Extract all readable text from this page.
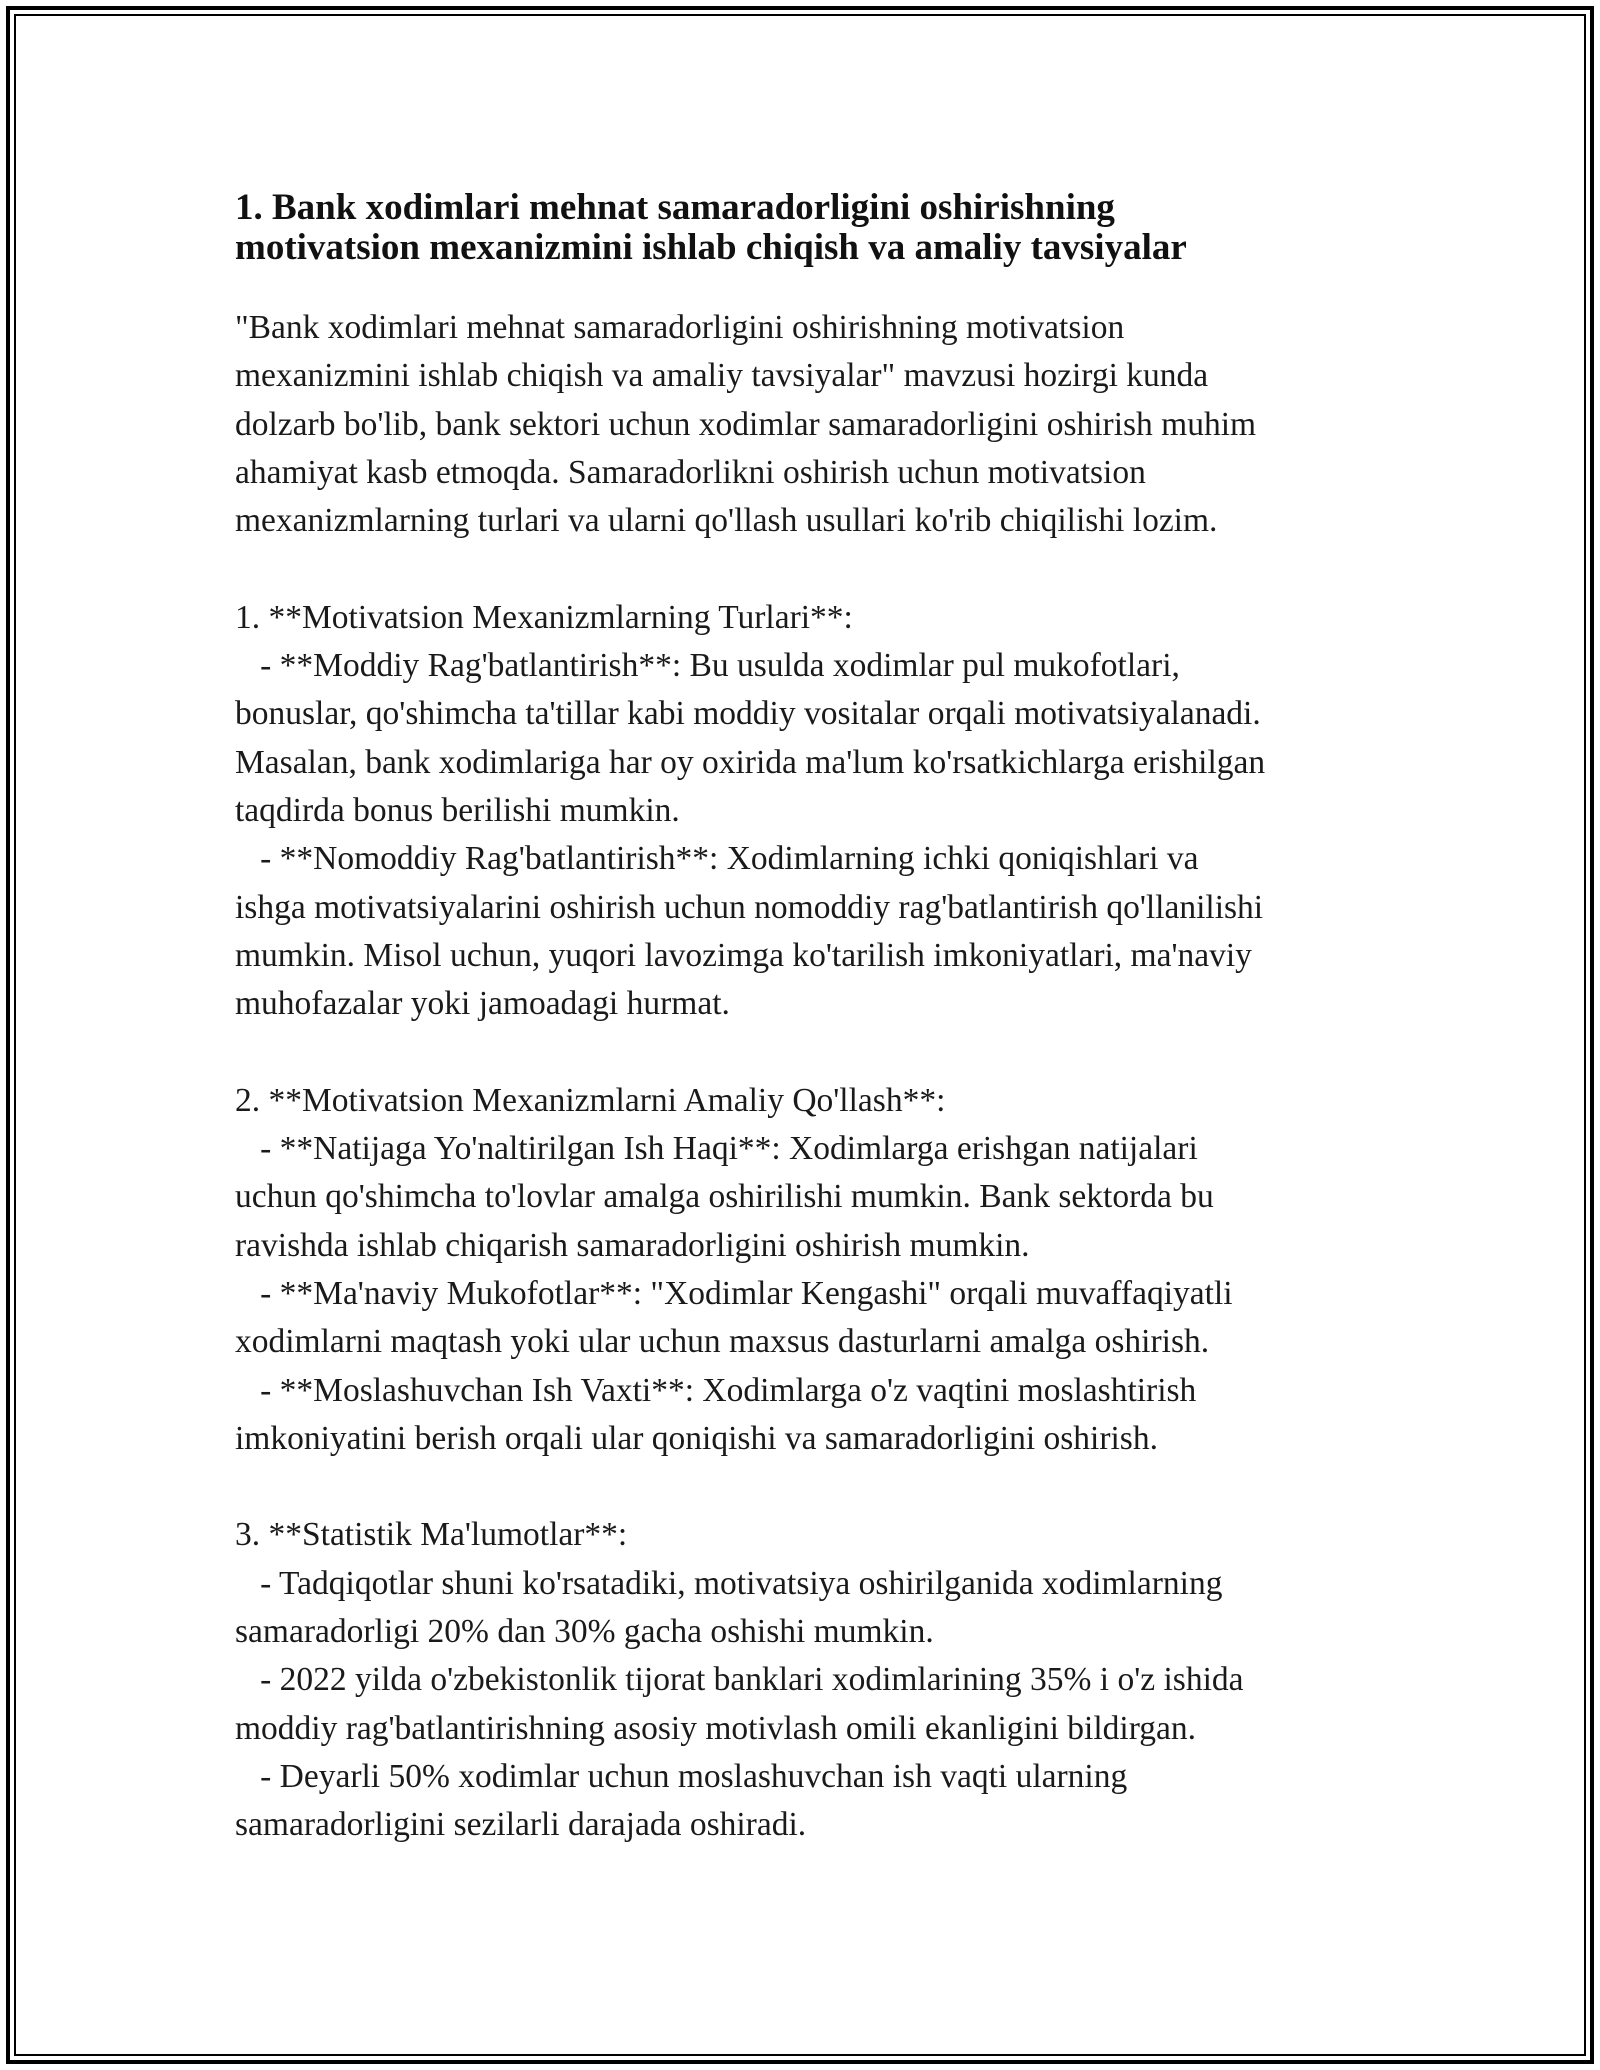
1. Bank xodimlari mehnat samaradorligini oshirishning
motivatsion mexanizmini ishlab chiqish va amaliy tavsiyalar
"Bank xodimlari mehnat samaradorligini oshirishning motivatsion
mexanizmini ishlab chiqish va amaliy tavsiyalar" mavzusi hozirgi kunda
dolzarb bo'lib, bank sektori uchun xodimlar samaradorligini oshirish muhim
ahamiyat kasb etmoqda. Samaradorlikni oshirish uchun motivatsion
mexanizmlarning turlari va ularni qo'llash usullari ko'rib chiqilishi lozim.
1. **Motivatsion Mexanizmlarning Turlari**:
- **Moddiy Rag'batlantirish**: Bu usulda xodimlar pul mukofotlari,
bonuslar, qo'shimcha ta'tillar kabi moddiy vositalar orqali motivatsiyalanadi.
Masalan, bank xodimlariga har oy oxirida ma'lum ko'rsatkichlarga erishilgan
taqdirda bonus berilishi mumkin.
- **Nomoddiy Rag'batlantirish**: Xodimlarning ichki qoniqishlari va
ishga motivatsiyalarini oshirish uchun nomoddiy rag'batlantirish qo'llanilishi
mumkin. Misol uchun, yuqori lavozimga ko'tarilish imkoniyatlari, ma'naviy
muhofazalar yoki jamoadagi hurmat.
2. **Motivatsion Mexanizmlarni Amaliy Qo'llash**:
- **Natijaga Yo'naltirilgan Ish Haqi**: Xodimlarga erishgan natijalari
uchun qo'shimcha to'lovlar amalga oshirilishi mumkin. Bank sektorda bu
ravishda ishlab chiqarish samaradorligini oshirish mumkin.
- **Ma'naviy Mukofotlar**: "Xodimlar Kengashi" orqali muvaffaqiyatli
xodimlarni maqtash yoki ular uchun maxsus dasturlarni amalga oshirish.
- **Moslashuvchan Ish Vaxti**: Xodimlarga o'z vaqtini moslashtirish
imkoniyatini berish orqali ular qoniqishi va samaradorligini oshirish.
3. **Statistik Ma'lumotlar**:
- Tadqiqotlar shuni ko'rsatadiki, motivatsiya oshirilganida xodimlarning
samaradorligi 20% dan 30% gacha oshishi mumkin.
- 2022 yilda o'zbekistonlik tijorat banklari xodimlarining 35% i o'z ishida
moddiy rag'batlantirishning asosiy motivlash omili ekanligini bildirgan.
- Deyarli 50% xodimlar uchun moslashuvchan ish vaqti ularning
samaradorligini sezilarli darajada oshiradi.
